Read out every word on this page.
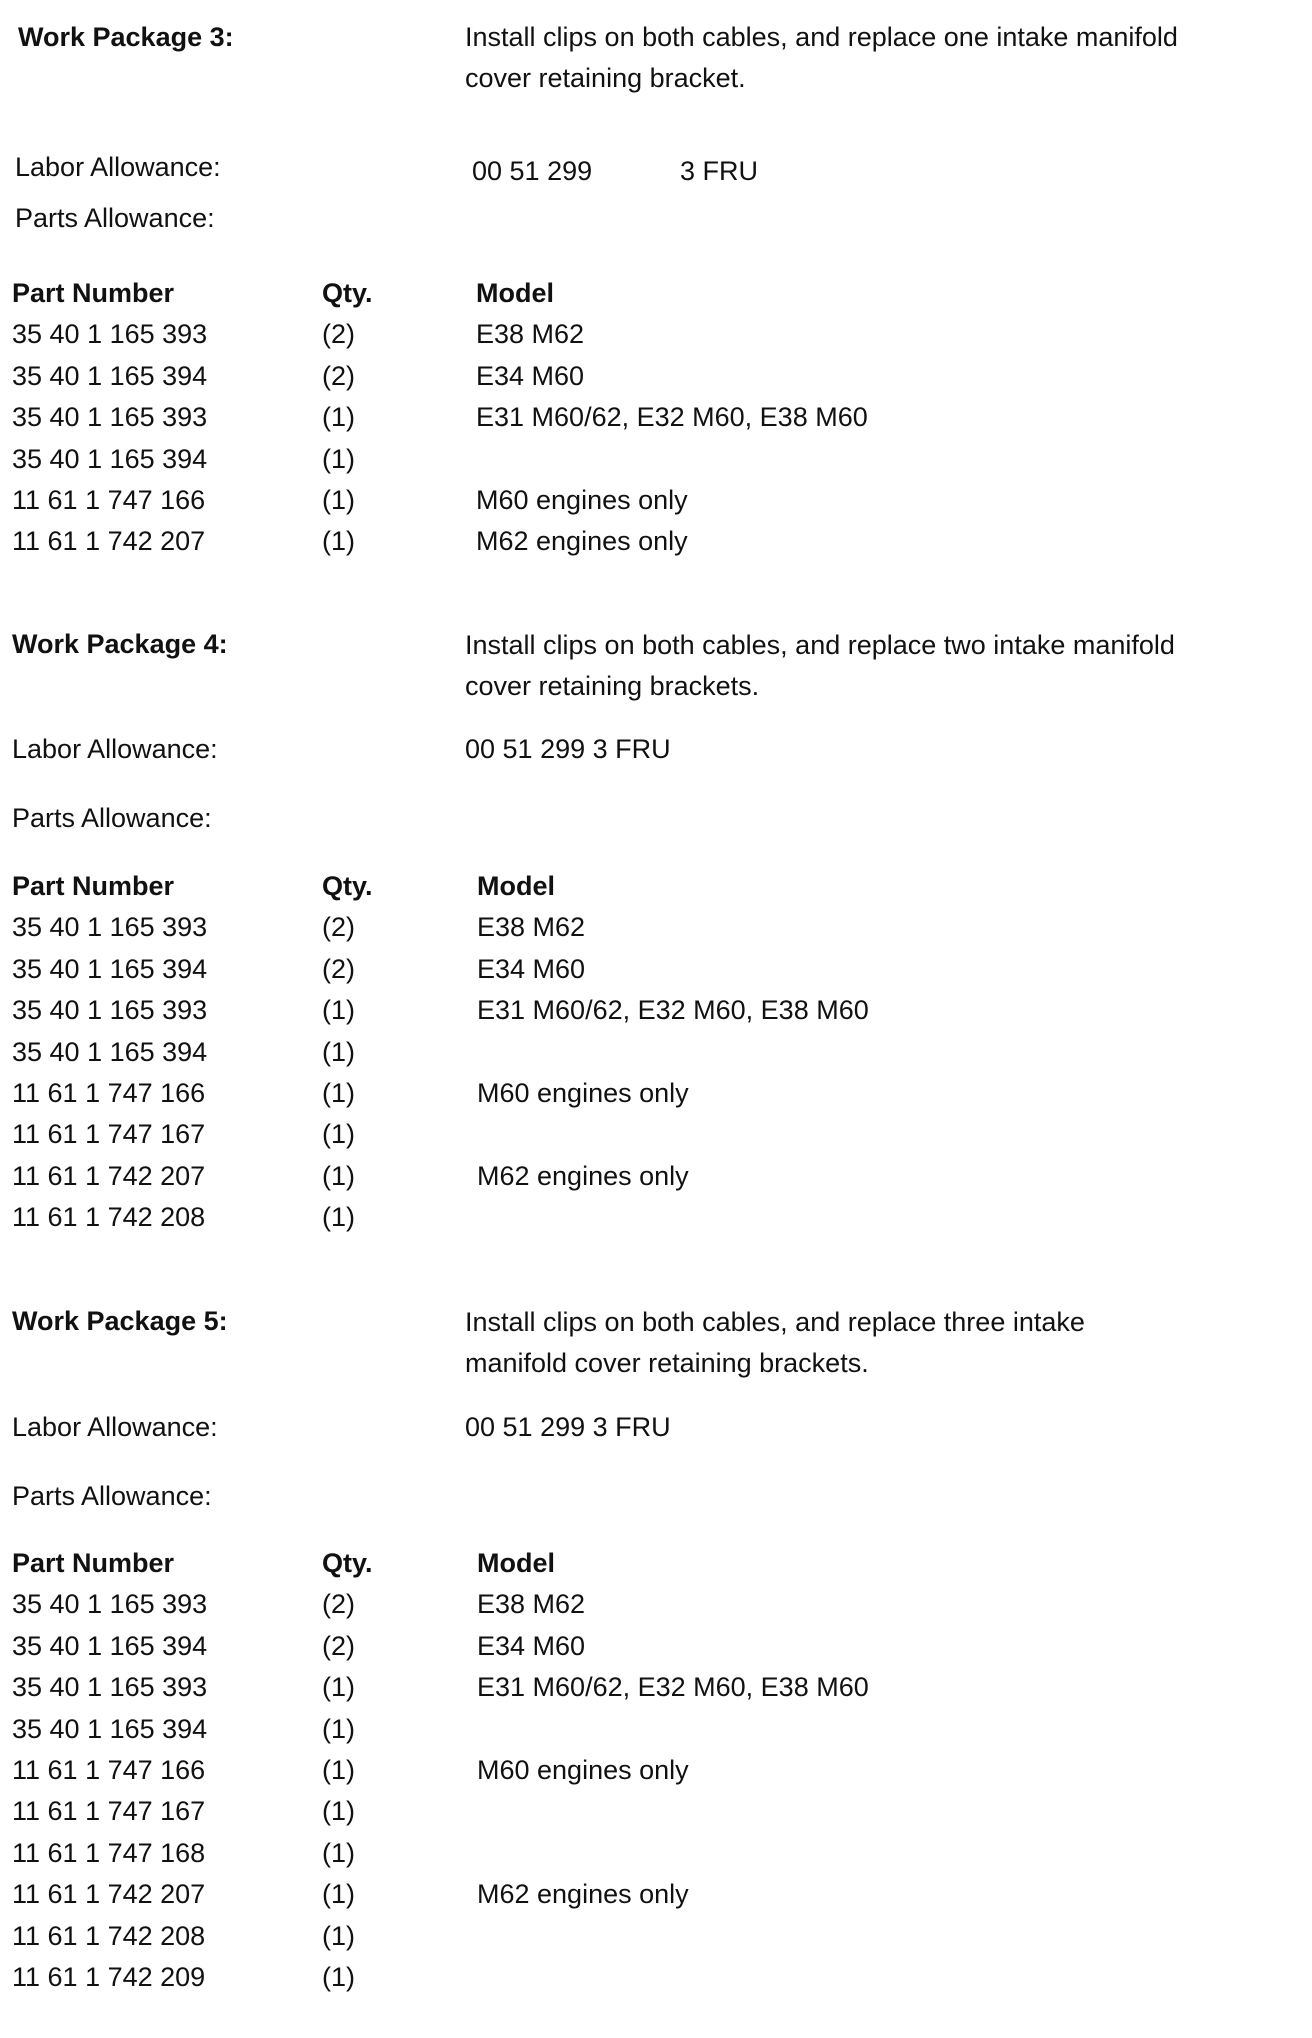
Work Package 3:	Install clips on both cables, and replace one intake manifold
cover retaining bracket.
Labor Allowance:	00 51 299	3 FRU
Parts Allowance:
Part Number	Qty.	Model
35 40 1 165 393	(2)	E38 M62
35 40 1 165 394	(2)	E34 M60
35 40 1 165 393	(1)	E31 M60/62, E32 M60, E38 M60
35 40 1 165 394	(1)
11 61 1 747 166	(1)	M60 engines only
11 61 1 742 207	(1)	M62 engines only
Work Package 4:	Install clips on both cables, and replace two intake manifold
cover retaining brackets.
Labor Allowance:	00 51 299 3 FRU
Parts Allowance:
Part Number	Qty.	Model
35 40 1 165 393	(2)	E38 M62
35 40 1 165 394	(2)	E34 M60
35 40 1 165 393	(1)	E31 M60/62, E32 M60, E38 M60
35 40 1 165 394	(1)
11 61 1 747 166	(1)	M60 engines only
11 61 1 747 167	(1)
11 61 1 742 207	(1)	M62 engines only
11 61 1 742 208	(1)
Work Package 5:	Install clips on both cables, and replace three intake
manifold cover retaining brackets.
Labor Allowance:	00 51 299 3 FRU
Parts Allowance:
Part Number	Qty.	Model
35 40 1 165 393	(2)	E38 M62
35 40 1 165 394	(2)	E34 M60
35 40 1 165 393	(1)	E31 M60/62, E32 M60, E38 M60
35 40 1 165 394	(1)
11 61 1 747 166	(1)	M60 engines only
11 61 1 747 167	(1)
11 61 1 747 168	(1)
11 61 1 742 207	(1)	M62 engines only
11 61 1 742 208	(1)
11 61 1 742 209	(1)
